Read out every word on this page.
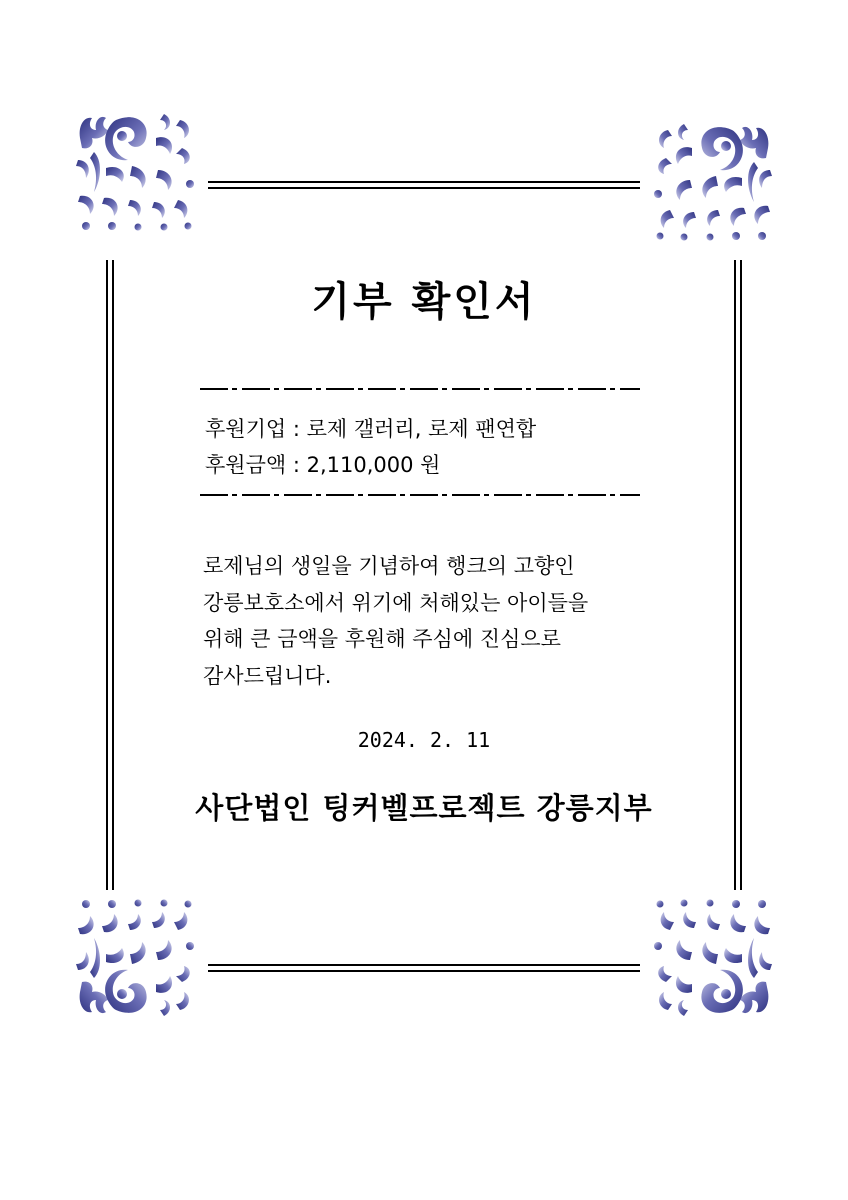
기부 확인서
후원기업 : 로제 갤러리, 로제 팬연합
후원금액 : 2,110,000 원
로제님의 생일을 기념하여 행크의 고향인
강릉보호소에서 위기에 처해있는 아이들을
위해 큰 금액을 후원해 주심에 진심으로
감사드립니다.
2024. 2. 11
사단법인 팅커벨프로젝트 강릉지부
